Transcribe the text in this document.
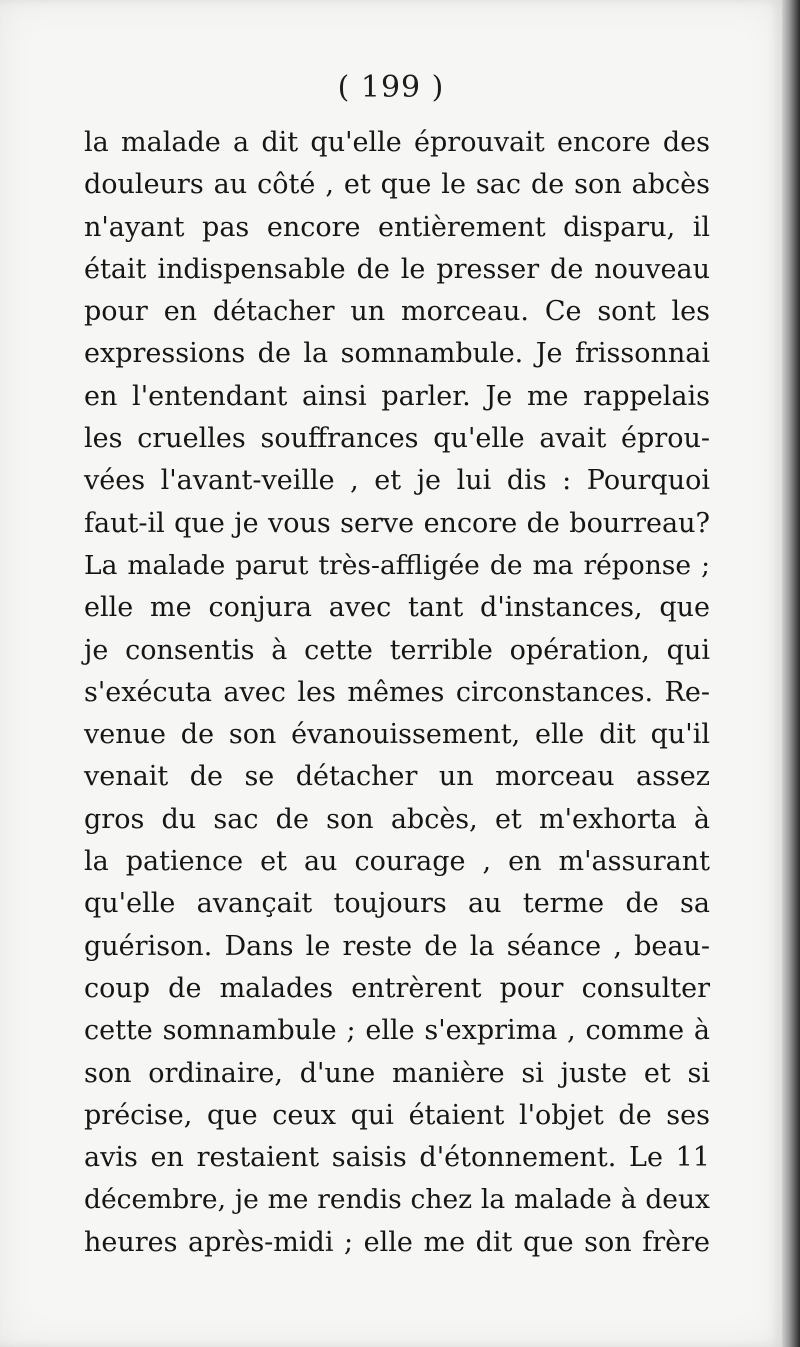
( 199 )
la malade a dit qu'elle éprouvait encore des
douleurs au côté , et que le sac de son abcès
n'ayant pas encore entièrement disparu, il
était indispensable de le presser de nouveau
pour en détacher un morceau. Ce sont les
expressions de la somnambule. Je frissonnai
en l'entendant ainsi parler. Je me rappelais
les cruelles souffrances qu'elle avait éprou-
vées l'avant-veille , et je lui dis : Pourquoi
faut-il que je vous serve encore de bourreau?
La malade parut très-affligée de ma réponse ;
elle me conjura avec tant d'instances, que
je consentis à cette terrible opération, qui
s'exécuta avec les mêmes circonstances. Re-
venue de son évanouissement, elle dit qu'il
venait de se détacher un morceau assez
gros du sac de son abcès, et m'exhorta à
la patience et au courage , en m'assurant
qu'elle avançait toujours au terme de sa
guérison. Dans le reste de la séance , beau-
coup de malades entrèrent pour consulter
cette somnambule ; elle s'exprima , comme à
son ordinaire, d'une manière si juste et si
précise, que ceux qui étaient l'objet de ses
avis en restaient saisis d'étonnement. Le 11
décembre, je me rendis chez la malade à deux
heures après-midi ; elle me dit que son frère
